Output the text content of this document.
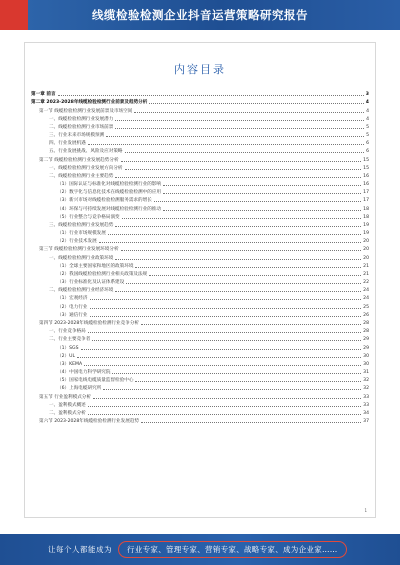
线缆检验检测企业抖音运营策略研究报告
内容目录
第一章 前言	3
第二章 2023-2028年线缆检验检测行业前景及趋势分析	4
第一节 线缆检验检测行业发展前景及市场空间	4
一、线缆检验检测行业发展潜力	4
二、线缆检验检测行业市场前景	5
三、行业未来市场规模预测	5
四、行业发展机遇	6
五、行业发展挑战、风险及应对策略	6
第二节 线缆检验检测行业发展趋势分析	15
一、线缆检验检测行业发展方向分析	15
二、线缆检验检测行业主要趋势	16
（1）国际认证与标准化对线缆检验检测行业的影响	16
（2）数字化与信息化技术在线缆检验检测中的应用	17
（3）新兴市场对线缆检验检测服务需求的增长	17
（4）环保与可持续发展对线缆检验检测行业的推动	18
（5）行业整合与竞争格局演变	18
三、线缆检验检测行业发展趋势	19
（1）行业市场规模发展	19
（2）行业技术发展	20
第三节 线缆检验检测行业发展环境分析	20
一、线缆检验检测行业政策环境	20
（1）全球主要国家和地区的政策环境	21
（2）我国线缆检验检测行业相关政策及法规	21
（3）行业标准化及认证体系建设	22
二、线缆检验检测行业经济环境	24
（1）宏观经济	24
（2）电力行业	25
（3）通信行业	26
第四节 2023-2028年线缆检验检测行业竞争分析	28
一、行业竞争格局	28
二、行业主要竞争者	29
（1）SGS	29
（2）UL	30
（3）KEMA	30
（4）中国电力科学研究院	31
（5）国家电线电缆质量监督检验中心	32
（6）上海电缆研究所	32
第五节 行业盈利模式分析	33
一、盈利模式概述	33
二、盈利模式分析	34
第六节 2023-2028年线缆检验检测行业发展趋势	37
1
让每个人都能成为	行业专家、管理专家、营销专家、战略专家、成为企业家……
